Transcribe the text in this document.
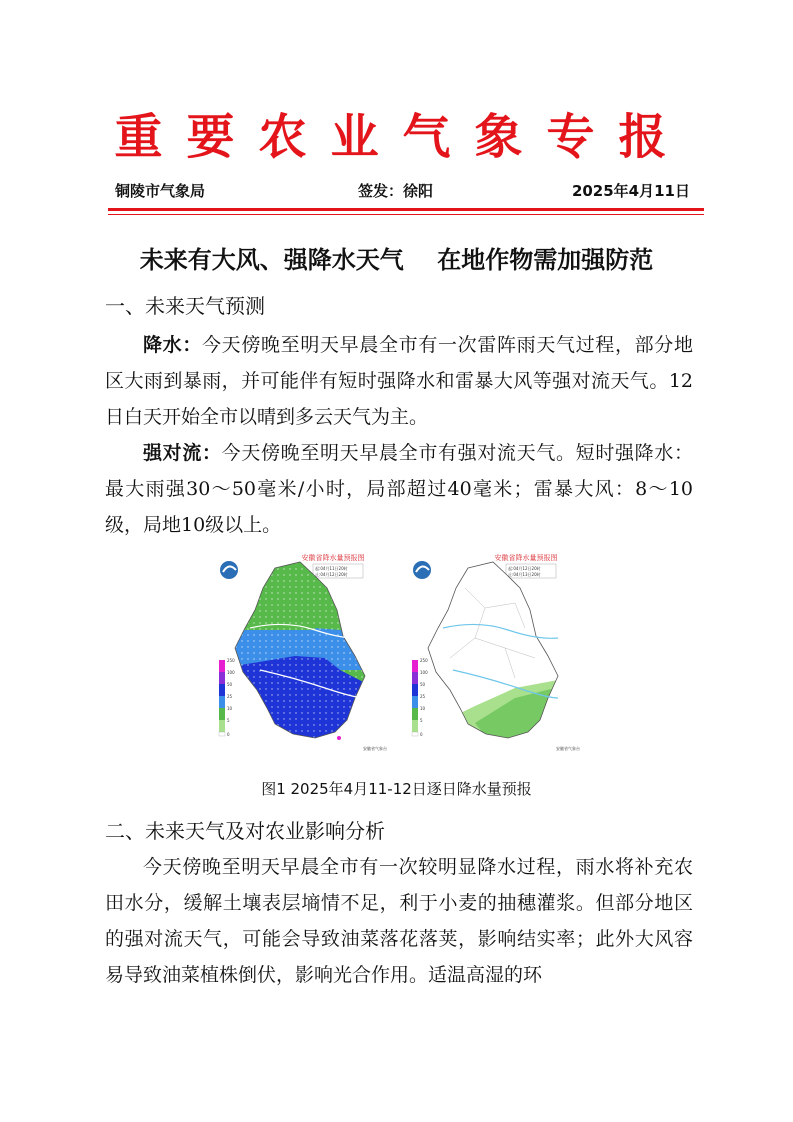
重要农业气象专报
铜陵市气象局	签发：徐阳	2025年4月11日
未来有大风、强降水天气    在地作物需加强防范
一、未来天气预测
降水：今天傍晚至明天早晨全市有一次雷阵雨天气过程，部分地区大雨到暴雨，并可能伴有短时强降水和雷暴大风等强对流天气。12日白天开始全市以晴到多云天气为主。
强对流：今天傍晚至明天早晨全市有强对流天气。短时强降水：最大雨强30～50毫米/小时，局部超过40毫米；雷暴大风：8～10级，局地10级以上。
安徽省降水量预报图
起:04月11日20时
止:04月12日20时
250
100
50
25
10
5
0
安徽省气象台
安徽省降水量预报图
起:04月12日20时
止:04月13日20时
250
100
50
25
10
5
0
安徽省气象台
图1 2025年4月11-12日逐日降水量预报
二、未来天气及对农业影响分析
今天傍晚至明天早晨全市有一次较明显降水过程，雨水将补充农田水分，缓解土壤表层墒情不足，利于小麦的抽穗灌浆。但部分地区的强对流天气，可能会导致油菜落花落荚，影响结实率；此外大风容易导致油菜植株倒伏，影响光合作用。适温高湿的环
